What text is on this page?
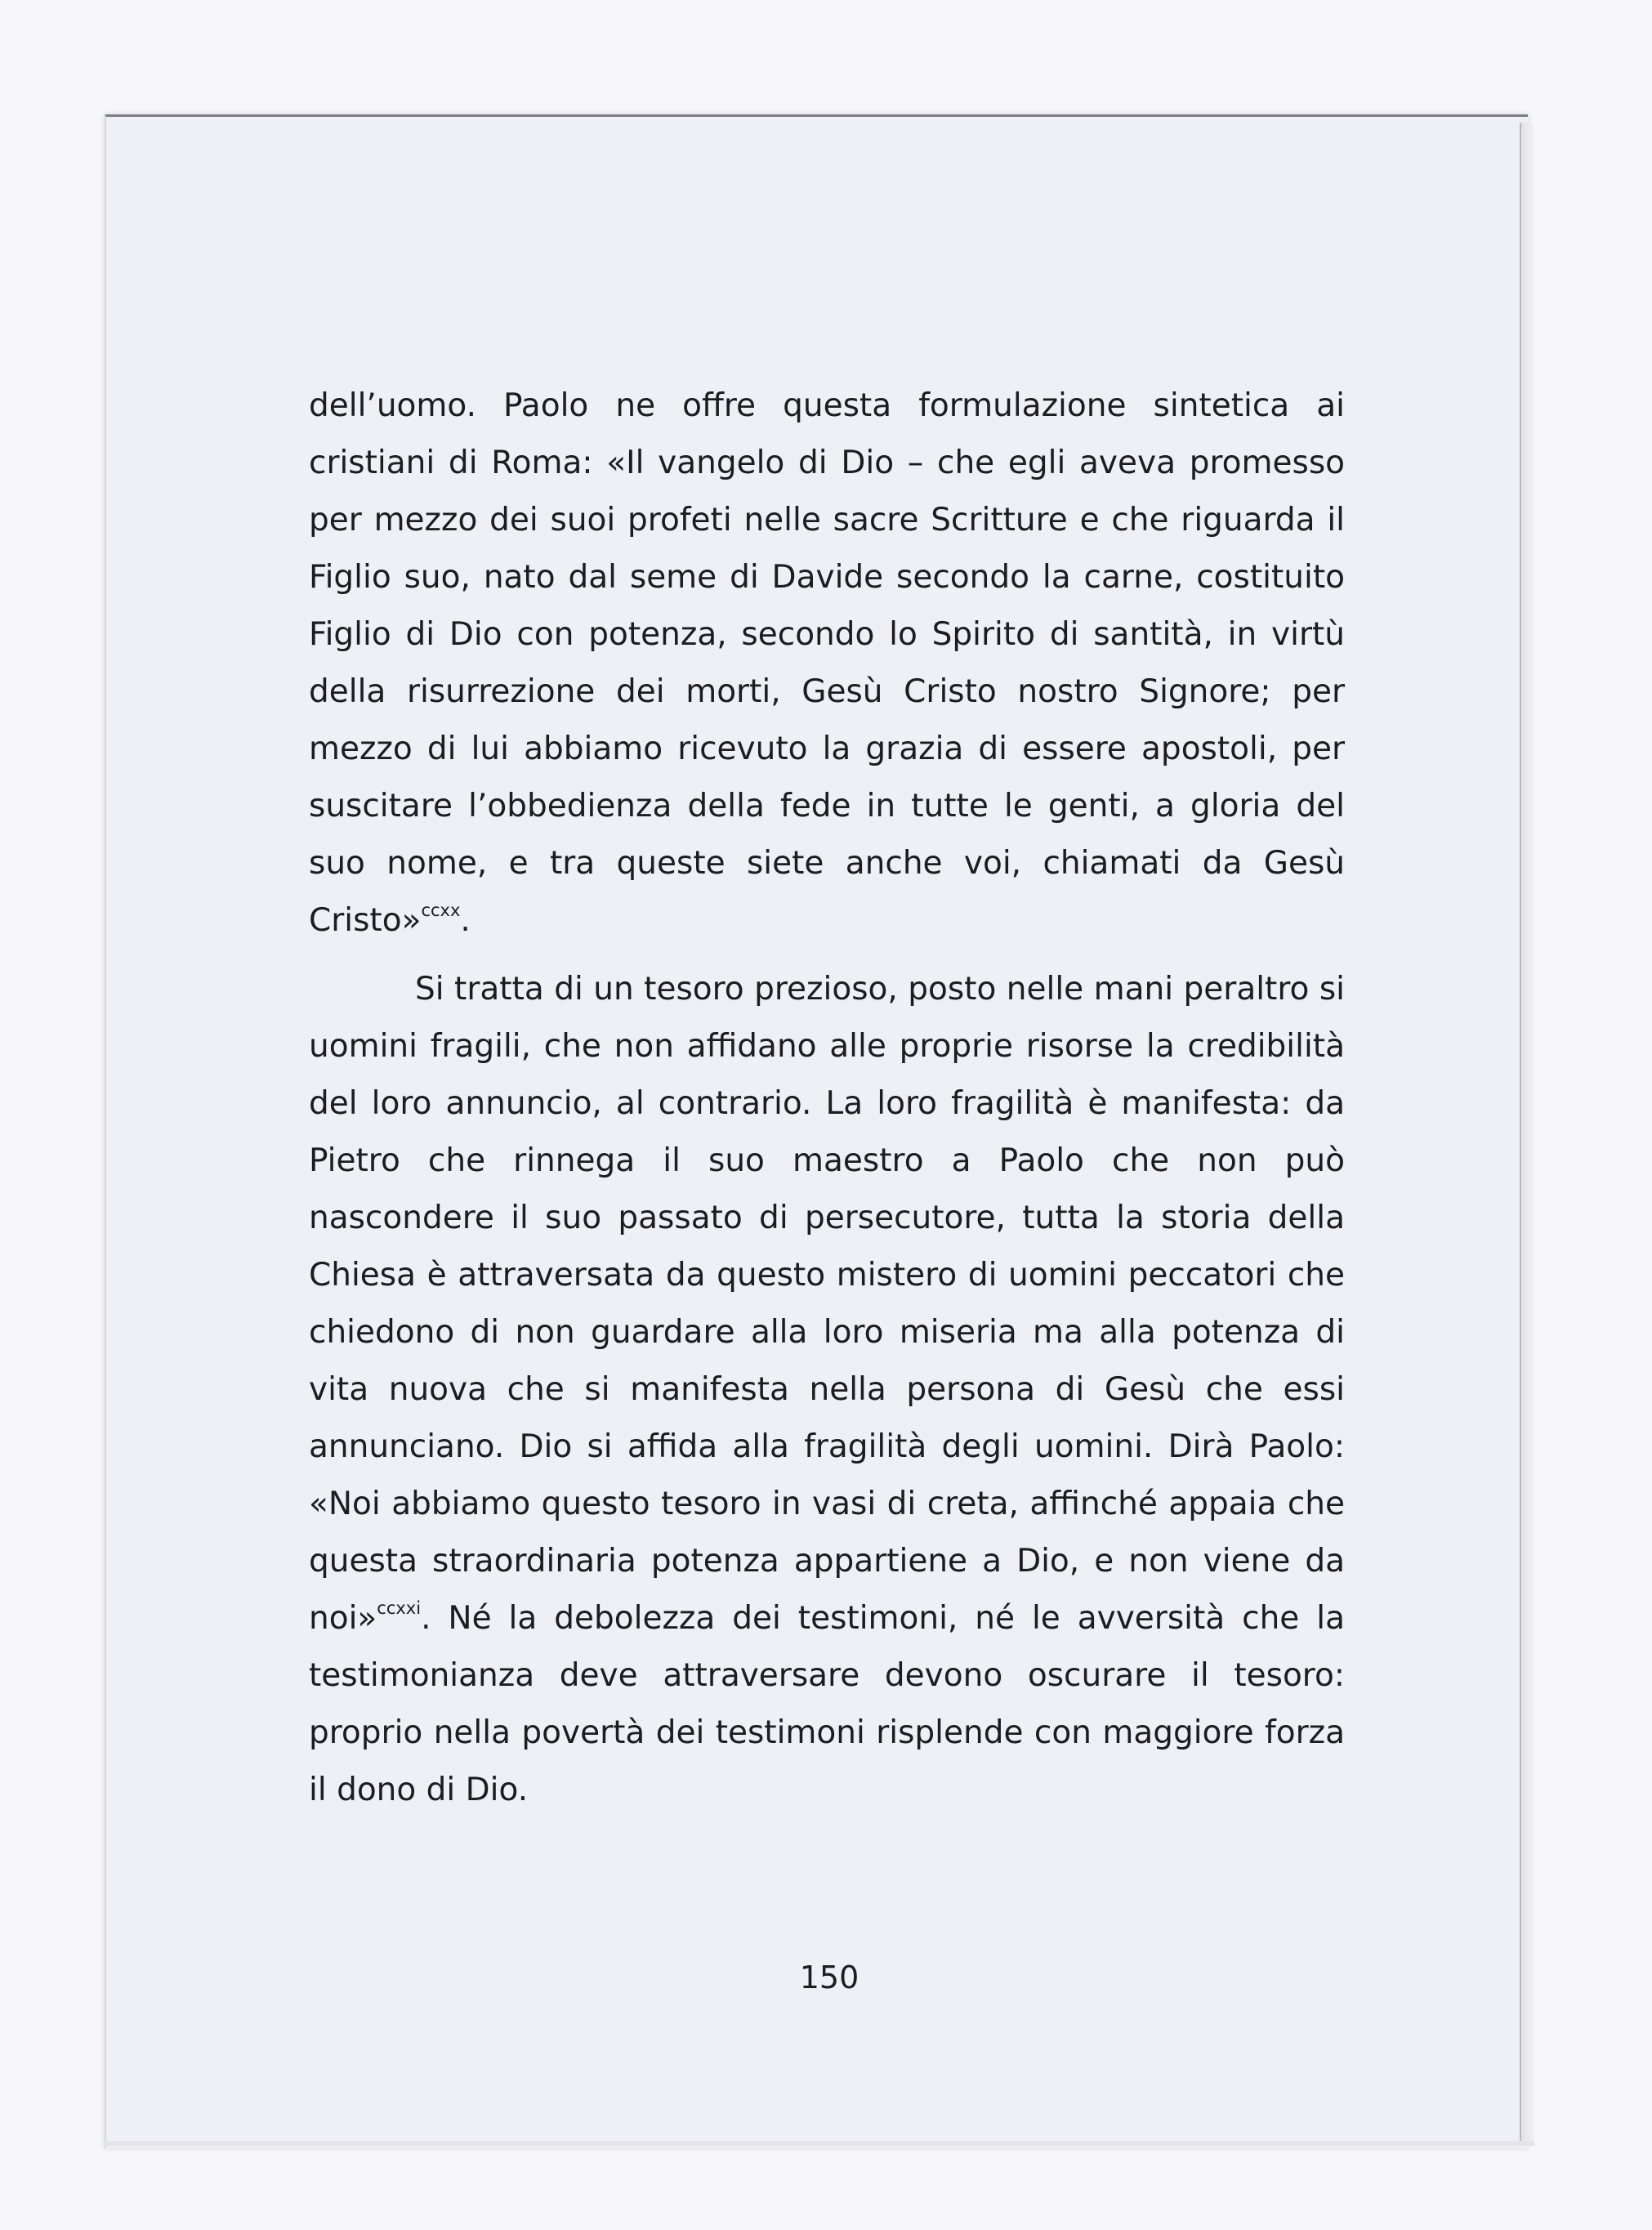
dell’uomo. Paolo ne offre questa formulazione sintetica ai cristiani di Roma: «Il vangelo di Dio – che egli aveva promesso per mezzo dei suoi profeti nelle sacre Scritture e che riguarda il Figlio suo, nato dal seme di Davide secondo la carne, costituito Figlio di Dio con potenza, secondo lo Spirito di santità, in virtù della risurrezione dei morti, Gesù Cristo nostro Signore; per mezzo di lui abbiamo ricevuto la grazia di essere apostoli, per suscitare l’obbedienza della fede in tutte le genti, a gloria del suo nome, e tra queste siete anche voi, chiamati da Gesù Cristo»$^{ccxx}$.

Si tratta di un tesoro prezioso, posto nelle mani peraltro si uomini fragili, che non affidano alle proprie risorse la credibilità del loro annuncio, al contrario. La loro fragilità è manifesta: da Pietro che rinnega il suo maestro a Paolo che non può nascondere il suo passato di persecutore, tutta la storia della Chiesa è attraversata da questo mistero di uomini peccatori che chiedono di non guardare alla loro miseria ma alla potenza di vita nuova che si manifesta nella persona di Gesù che essi annunciano. Dio si affida alla fragilità degli uomini. Dirà Paolo: «Noi abbiamo questo tesoro in vasi di creta, affinché appaia che questa straordinaria potenza appartiene a Dio, e non viene da noi»$^{ccxxi}$. Né la debolezza dei testimoni, né le avversità che la testimonianza deve attraversare devono oscurare il tesoro: proprio nella povertà dei testimoni risplende con maggiore forza il dono di Dio.

150
